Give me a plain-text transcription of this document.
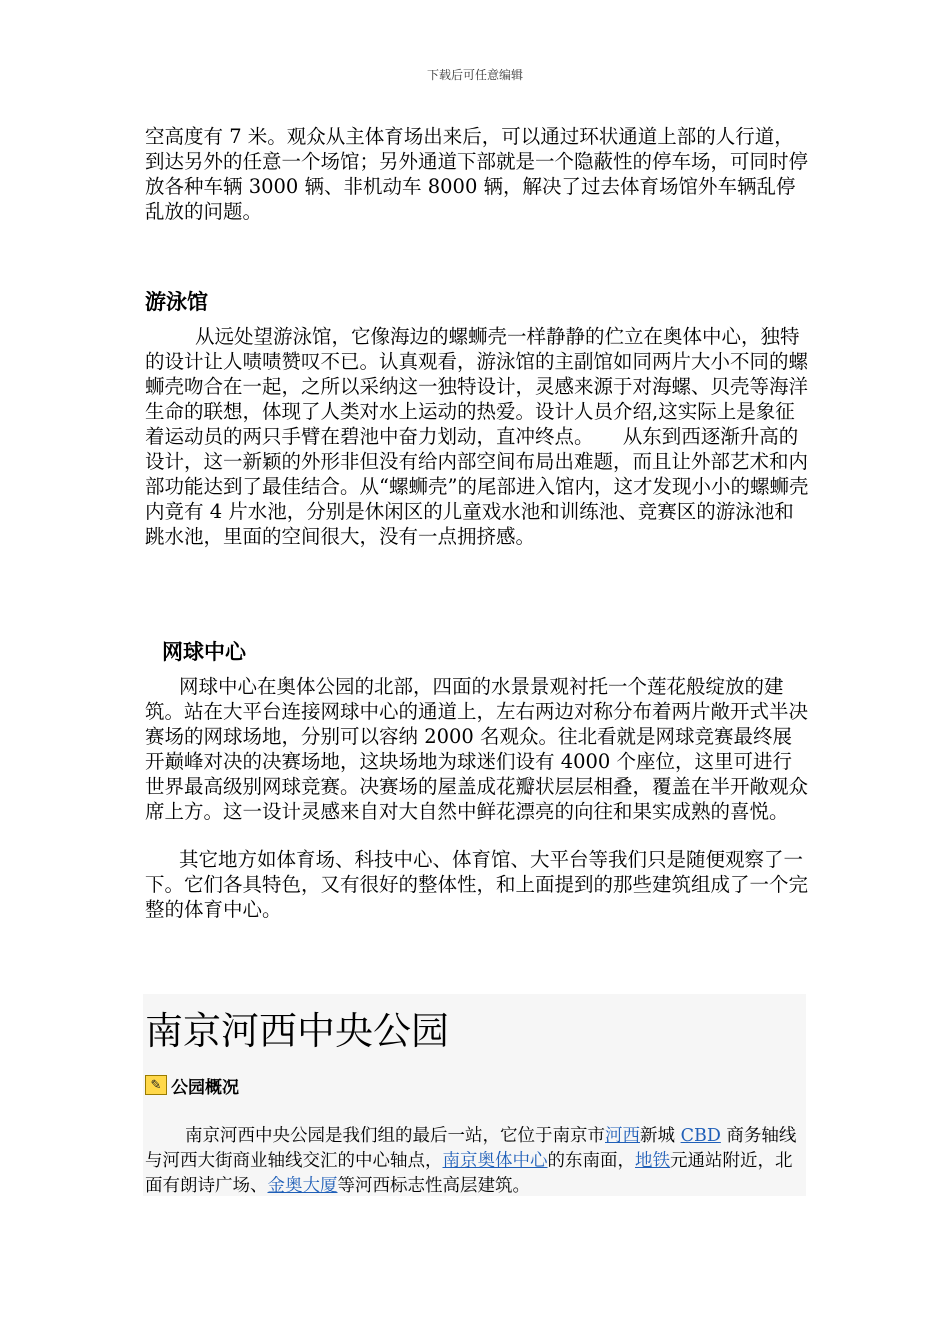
下载后可任意编辑

空高度有 7 米。观众从主体育场出来后，可以通过环状通道上部的人行道，到达另外的任意一个场馆；另外通道下部就是一个隐蔽性的停车场，可同时停放各种车辆 3000 辆、非机动车 8000 辆，解决了过去体育场馆外车辆乱停乱放的问题。

游泳馆

从远处望游泳馆，它像海边的螺蛳壳一样静静的伫立在奥体中心，独特的设计让人啧啧赞叹不已。认真观看，游泳馆的主副馆如同两片大小不同的螺蛳壳吻合在一起，之所以采纳这一独特设计，灵感来源于对海螺、贝壳等海洋生命的联想，体现了人类对水上运动的热爱。设计人员介绍,这实际上是象征着运动员的两只手臂在碧池中奋力划动，直冲终点。　　从东到西逐渐升高的设计，这一新颖的外形非但没有给内部空间布局出难题，而且让外部艺术和内部功能达到了最佳结合。从“螺蛳壳”的尾部进入馆内，这才发现小小的螺蛳壳内竟有 4 片水池，分别是休闲区的儿童戏水池和训练池、竞赛区的游泳池和跳水池，里面的空间很大，没有一点拥挤感。

网球中心

网球中心在奥体公园的北部，四面的水景景观衬托一个莲花般绽放的建筑。站在大平台连接网球中心的通道上，左右两边对称分布着两片敞开式半决赛场的网球场地，分别可以容纳 2000 名观众。往北看就是网球竞赛最终展开巅峰对决的决赛场地，这块场地为球迷们设有 4000 个座位，这里可进行世界最高级别网球竞赛。决赛场的屋盖成花瓣状层层相叠，覆盖在半开敞观众席上方。这一设计灵感来自对大自然中鲜花漂亮的向往和果实成熟的喜悦。

其它地方如体育场、科技中心、体育馆、大平台等我们只是随便观察了一下。它们各具特色，又有很好的整体性，和上面提到的那些建筑组成了一个完整的体育中心。

南京河西中央公园
✎ 公园概况

南京河西中央公园是我们组的最后一站，它位于南京市河西新城 CBD 商务轴线与河西大街商业轴线交汇的中心轴点，南京奥体中心的东南面，地铁元通站附近，北面有朗诗广场、金奥大厦等河西标志性高层建筑。
